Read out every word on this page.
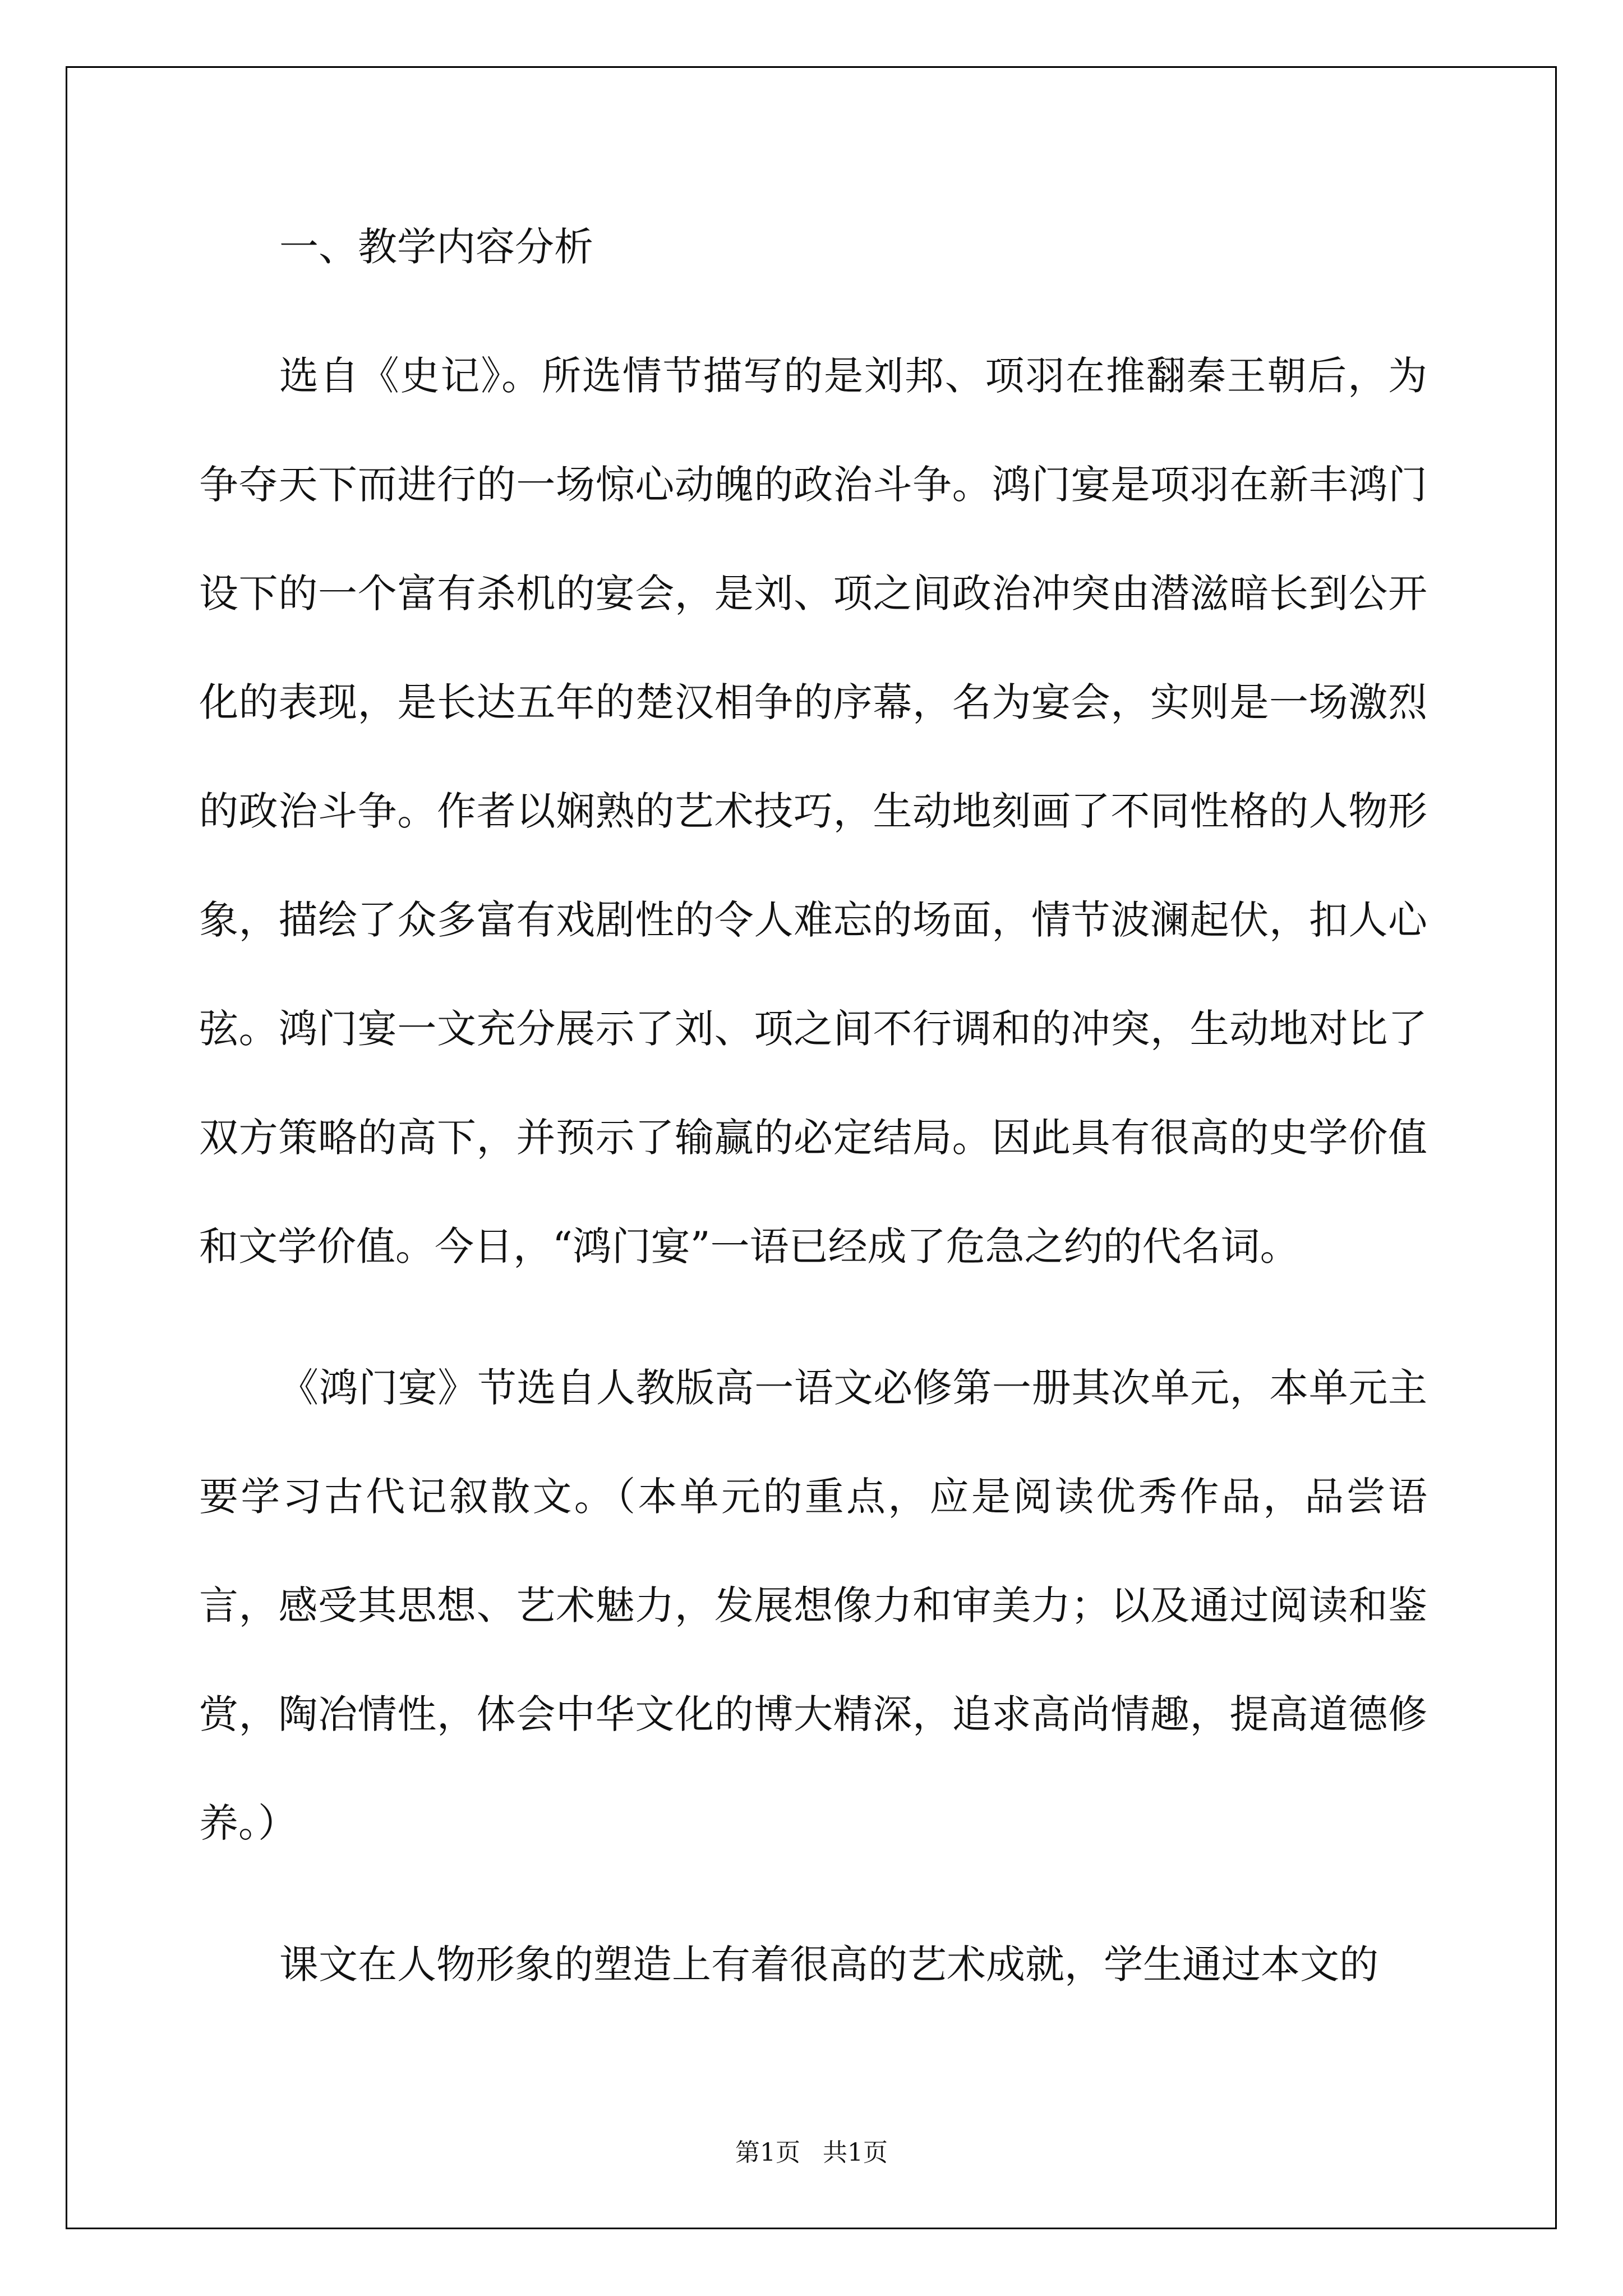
一、教学内容分析

选自《史记》。所选情节描写的是刘邦、项羽在推翻秦王朝后，为争夺天下而进行的一场惊心动魄的政治斗争。鸿门宴是项羽在新丰鸿门设下的一个富有杀机的宴会，是刘、项之间政治冲突由潜滋暗长到公开化的表现，是长达五年的楚汉相争的序幕，名为宴会，实则是一场激烈的政治斗争。作者以娴熟的艺术技巧，生动地刻画了不同性格的人物形象，描绘了众多富有戏剧性的令人难忘的场面，情节波澜起伏，扣人心弦。鸿门宴一文充分展示了刘、项之间不行调和的冲突，生动地对比了双方策略的高下，并预示了输赢的必定结局。因此具有很高的史学价值和文学价值。今日，“鸿门宴”一语已经成了危急之约的代名词。

《鸿门宴》节选自人教版高一语文必修第一册其次单元，本单元主要学习古代记叙散文。（本单元的重点，应是阅读优秀作品，品尝语言，感受其思想、艺术魅力，发展想像力和审美力；以及通过阅读和鉴赏，陶冶情性，体会中华文化的博大精深，追求高尚情趣，提高道德修养。）

课文在人物形象的塑造上有着很高的艺术成就，学生通过本文的

第1页 共1页
